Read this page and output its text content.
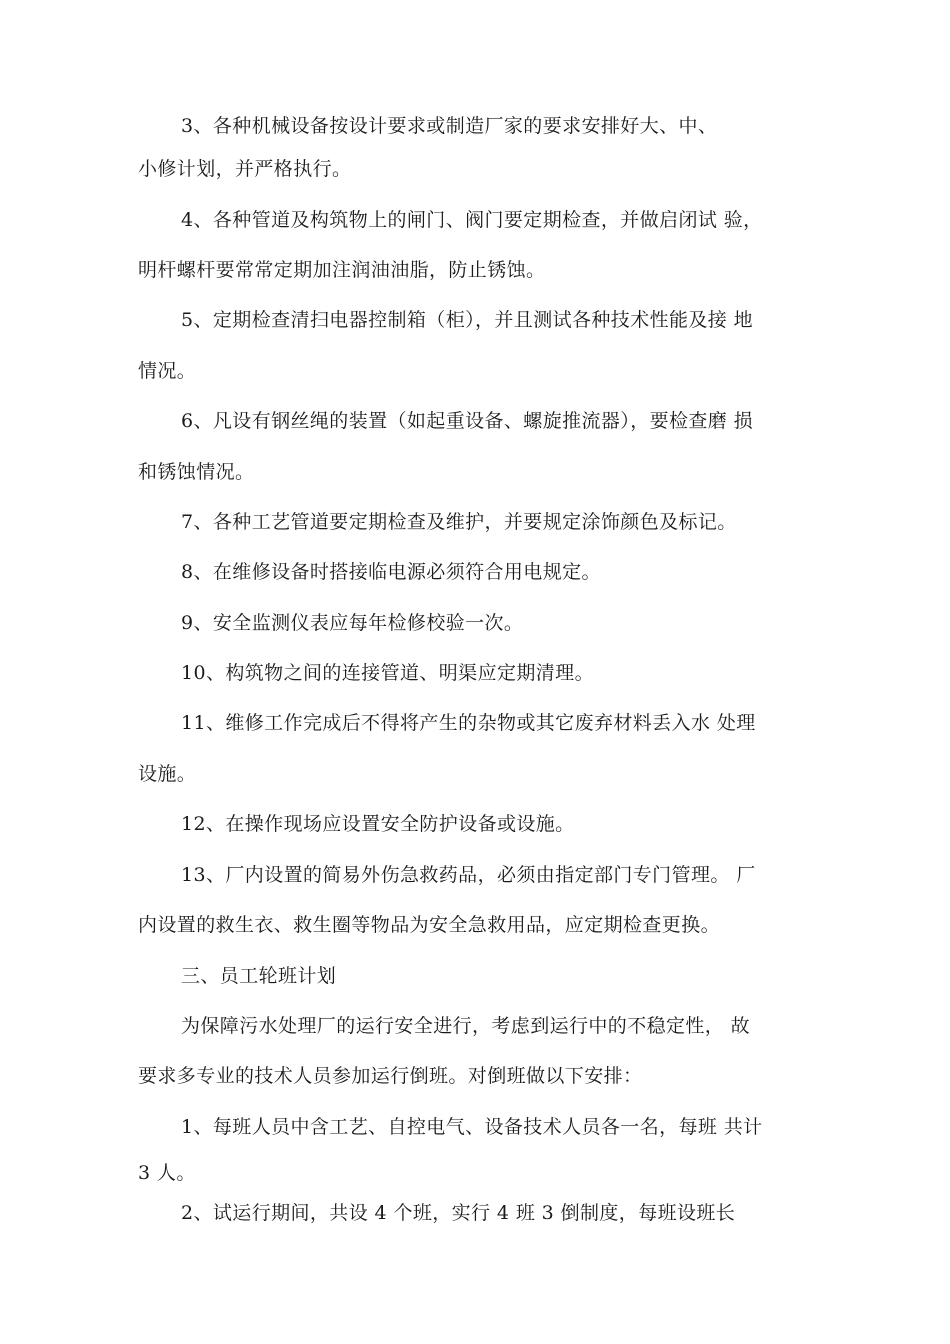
3、各种机械设备按设计要求或制造厂家的要求安排好大、中、
小修计划，并严格执行。
4、各种管道及构筑物上的闸门、阀门要定期检查，并做启闭试 验，
明杆螺杆要常常定期加注润油油脂，防止锈蚀。
5、定期检查清扫电器控制箱（柜），并且测试各种技术性能及接 地
情况。
6、凡设有钢丝绳的装置（如起重设备、螺旋推流器），要检查磨 损
和锈蚀情况。
7、各种工艺管道要定期检查及维护，并要规定涂饰颜色及标记。
8、在维修设备时搭接临电源必须符合用电规定。
9、安全监测仪表应每年检修校验一次。
10、构筑物之间的连接管道、明渠应定期清理。
11、维修工作完成后不得将产生的杂物或其它废弃材料丢入水 处理
设施。
12、在操作现场应设置安全防护设备或设施。
13、厂内设置的简易外伤急救药品，必须由指定部门专门管理。 厂
内设置的救生衣、救生圈等物品为安全急救用品，应定期检查更换。
三、员工轮班计划
为保障污水处理厂的运行安全进行，考虑到运行中的不稳定性， 故
要求多专业的技术人员参加运行倒班。对倒班做以下安排：
1、每班人员中含工艺、自控电气、设备技术人员各一名，每班 共计
3 人。
2、试运行期间，共设 4 个班，实行 4 班 3 倒制度，每班设班长
